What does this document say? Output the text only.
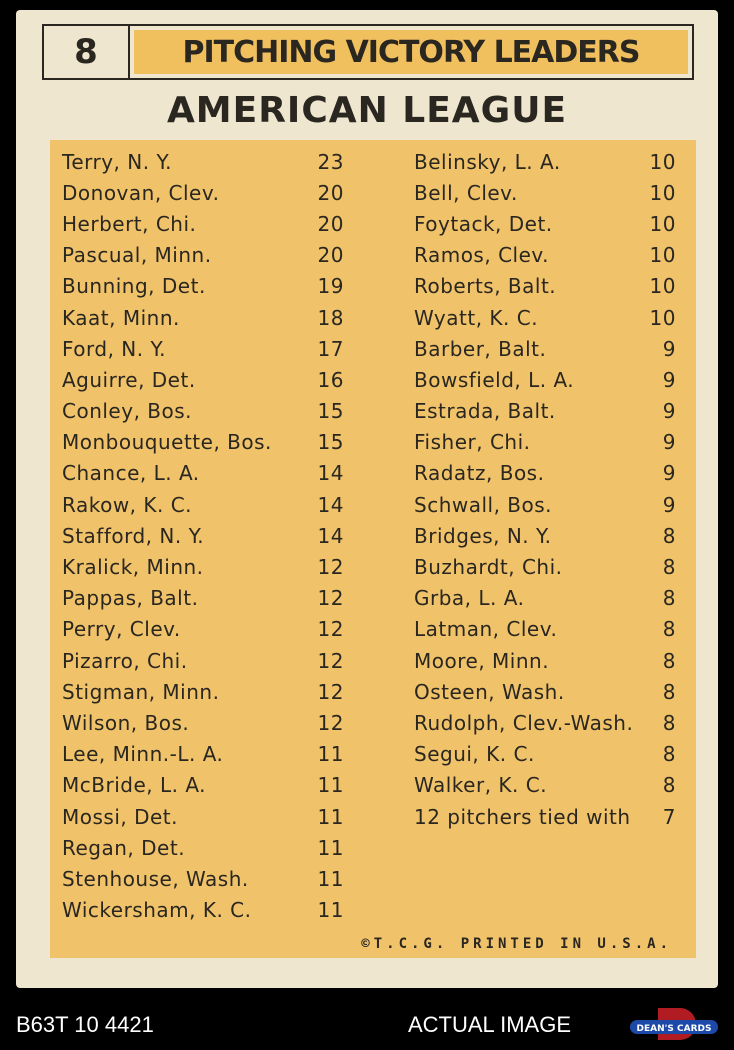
8	PITCHING VICTORY LEADERS
AMERICAN LEAGUE
Terry, N. Y.	23
Donovan, Clev.	20
Herbert, Chi.	20
Pascual, Minn.	20
Bunning, Det.	19
Kaat, Minn.	18
Ford, N. Y.	17
Aguirre, Det.	16
Conley, Bos.	15
Monbouquette, Bos.	15
Chance, L. A.	14
Rakow, K. C.	14
Stafford, N. Y.	14
Kralick, Minn.	12
Pappas, Balt.	12
Perry, Clev.	12
Pizarro, Chi.	12
Stigman, Minn.	12
Wilson, Bos.	12
Lee, Minn.-L. A.	11
McBride, L. A.	11
Mossi, Det.	11
Regan, Det.	11
Stenhouse, Wash.	11
Wickersham, K. C.	11
Belinsky, L. A.	10
Bell, Clev.	10
Foytack, Det.	10
Ramos, Clev.	10
Roberts, Balt.	10
Wyatt, K. C.	10
Barber, Balt.	9
Bowsfield, L. A.	9
Estrada, Balt.	9
Fisher, Chi.	9
Radatz, Bos.	9
Schwall, Bos.	9
Bridges, N. Y.	8
Buzhardt, Chi.	8
Grba, L. A.	8
Latman, Clev.	8
Moore, Minn.	8
Osteen, Wash.	8
Rudolph, Clev.-Wash.	8
Segui, K. C.	8
Walker, K. C.	8
12 pitchers tied with	7
©T.C.G. PRINTED IN U.S.A.
B63T 10 4421	ACTUAL IMAGE	DEAN'S CARDS
